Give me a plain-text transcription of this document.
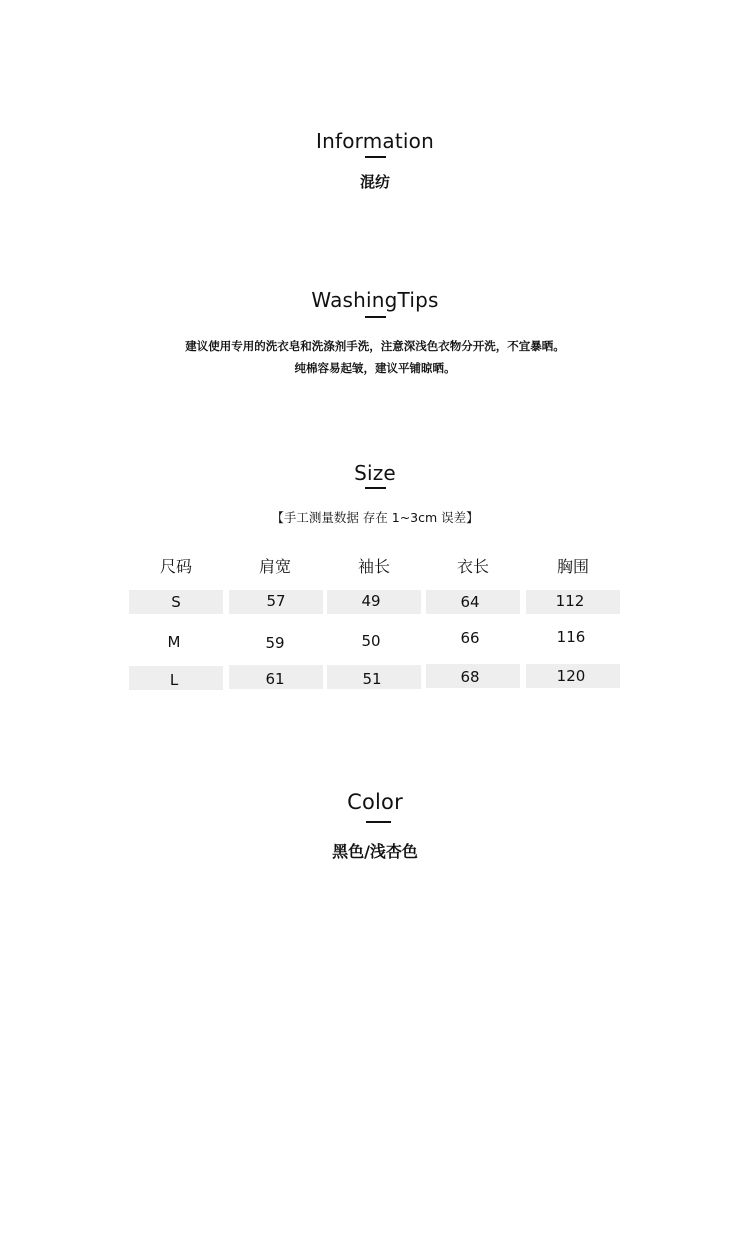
Information
混纺
WashingTips
建议使用专用的洗衣皂和洗涤剂手洗，注意深浅色衣物分开洗，不宜暴晒。
纯棉容易起皱，建议平铺晾晒。
Size
【手工测量数据 存在 1~3cm 误差】
尺码	肩宽	袖长	衣长	胸围
S	57	49	64	112
M	59	50	66	116
L	61	51	68	120
Color
黑色/浅杏色
